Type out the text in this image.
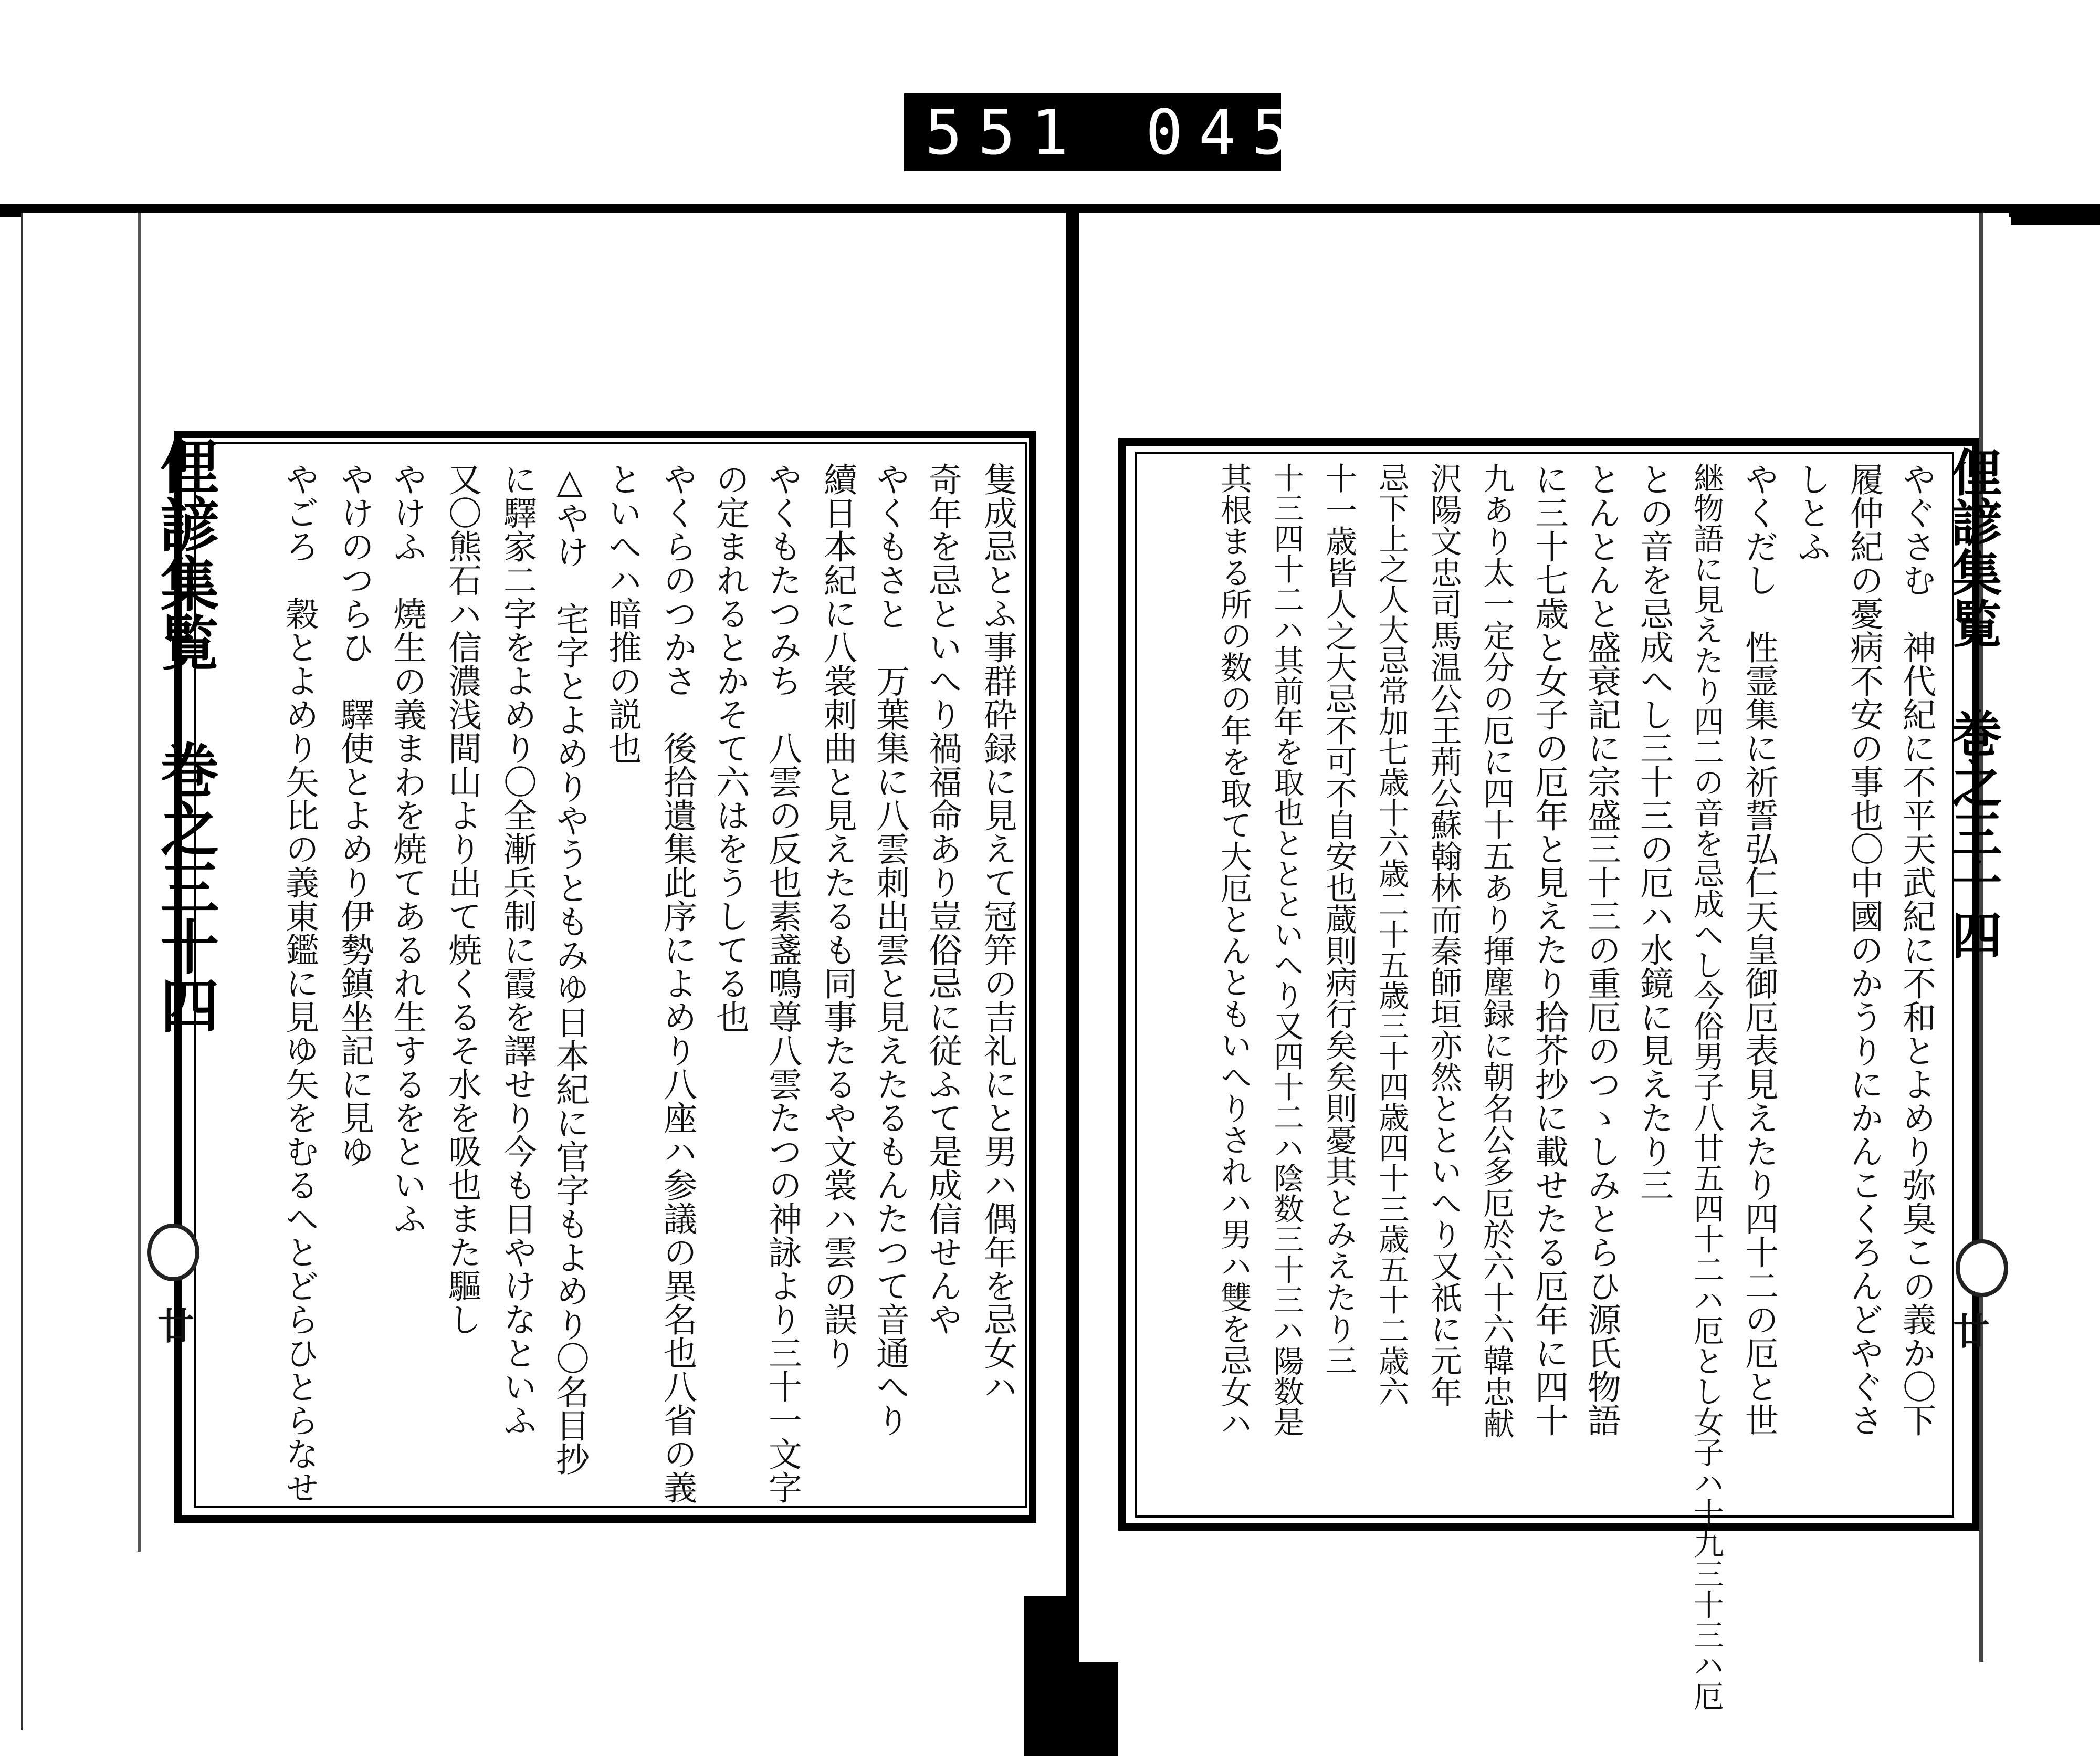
551 045.
俚諺集覧 巻之三十四
廿	隻成忌とふ事群砕録に見えて冠笄の吉礼にと男ハ偶年を忌女ハ
奇年を忌といへり禍福命あり豈俗忌に従ふて是成信せんや
やくもさと　万葉集に八雲刺出雲と見えたるもんたつて音通へり
續日本紀に八裳刺曲と見えたるも同事たるや文裳ハ雲の誤り
やくもたつみち　八雲の反也素盞鳴尊八雲たつの神詠より三十一文字
の定まれるとかそて六はをうしてる也
やくらのつかさ　後拾遺集此序によめり八座ハ参議の異名也八省の義
といへハ暗推の説也
△やけ　宅字とよめりやうともみゆ日本紀に官字もよめり〇名目抄
に驛家二字をよめり〇全漸兵制に霞を譯せり今も日やけなといふ
又〇熊石ハ信濃浅間山より出て焼くるそ水を吸也また驅し
やけふ　燒生の義まわを焼てあるれ生するをといふ
やけのつらひ　驛使とよめり伊勢鎮坐記に見ゆ
やごろ　穀とよめり矢比の義東鑑に見ゆ矢をむるへとどらひとらなせ	俚諺集覧 巻之三十四
廿
やぐさむ　神代紀に不平天武紀に不和とよめり弥臭この義か〇下
履仲紀の憂病不安の事也〇中國のかうりにかんこくろんどやぐさ
しとふ
やくだし　性霊集に祈誓弘仁天皇御厄表見えたり四十二の厄と世
継物語に見えたり四二の音を忌成へし今俗男子八廿五四十二ハ厄とし女子ハ十九三十三ハ厄
との音を忌成へし三十三の厄ハ水鏡に見えたり三
とんとんと盛衰記に宗盛三十三の重厄のつゝしみとらひ源氏物語
に三十七歳と女子の厄年と見えたり拾芥抄に載せたる厄年に四十
九あり太一定分の厄に四十五あり揮塵録に朝名公多厄於六十六韓忠献
沢陽文忠司馬温公王荊公蘇翰林而秦師垣亦然とといへり又祇に元年
忌下上之人大忌常加七歳十六歳二十五歳三十四歳四十三歳五十二歳六
十一歳皆人之大忌不可不自安也蔵則病行矣矣則憂其とみえたり三
十三四十二ハ其前年を取也ととといへり又四十二ハ陰数三十三ハ陽数是
其根まる所の数の年を取て大厄とんともいへりされハ男ハ雙を忌女ハ
